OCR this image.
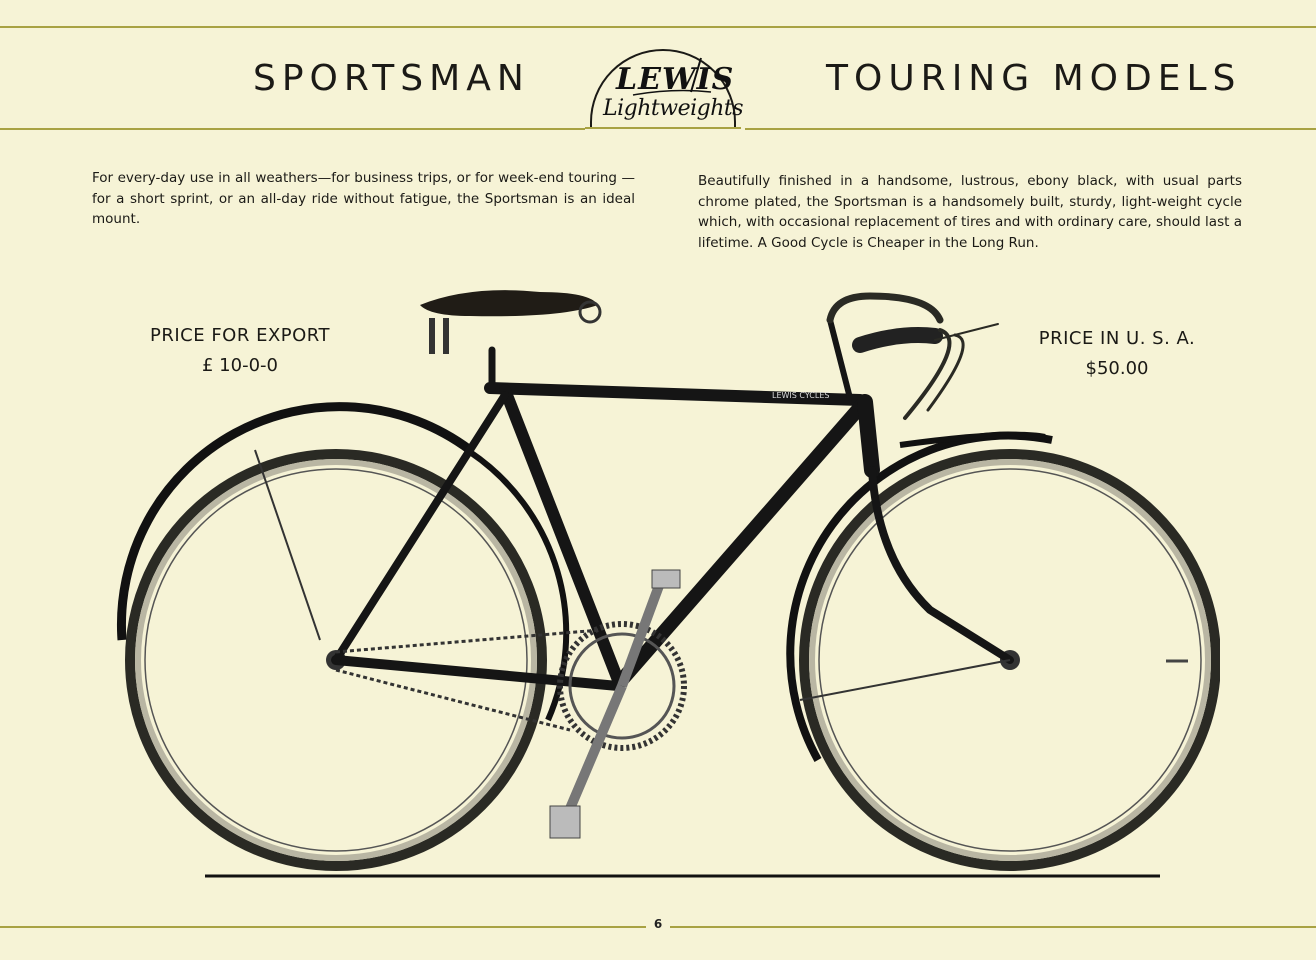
SPORTSMAN	TOURING MODELS
LEWIS
Lightweights

For every-day use in all weathers—for business trips, or for week-end touring —for a short sprint, or an all-day ride without fatigue, the Sportsman is an ideal mount.

Beautifully finished in a handsome, lustrous, ebony black, with usual parts chrome plated, the Sportsman is a handsomely built, sturdy, light-weight cycle which, with occasional replacement of tires and with ordinary care, should last a lifetime. A Good Cycle is Cheaper in the Long Run.

PRICE FOR EXPORT
£ 10-0-0
PRICE IN U. S. A.
$50.00
LEWIS CYCLES
6
